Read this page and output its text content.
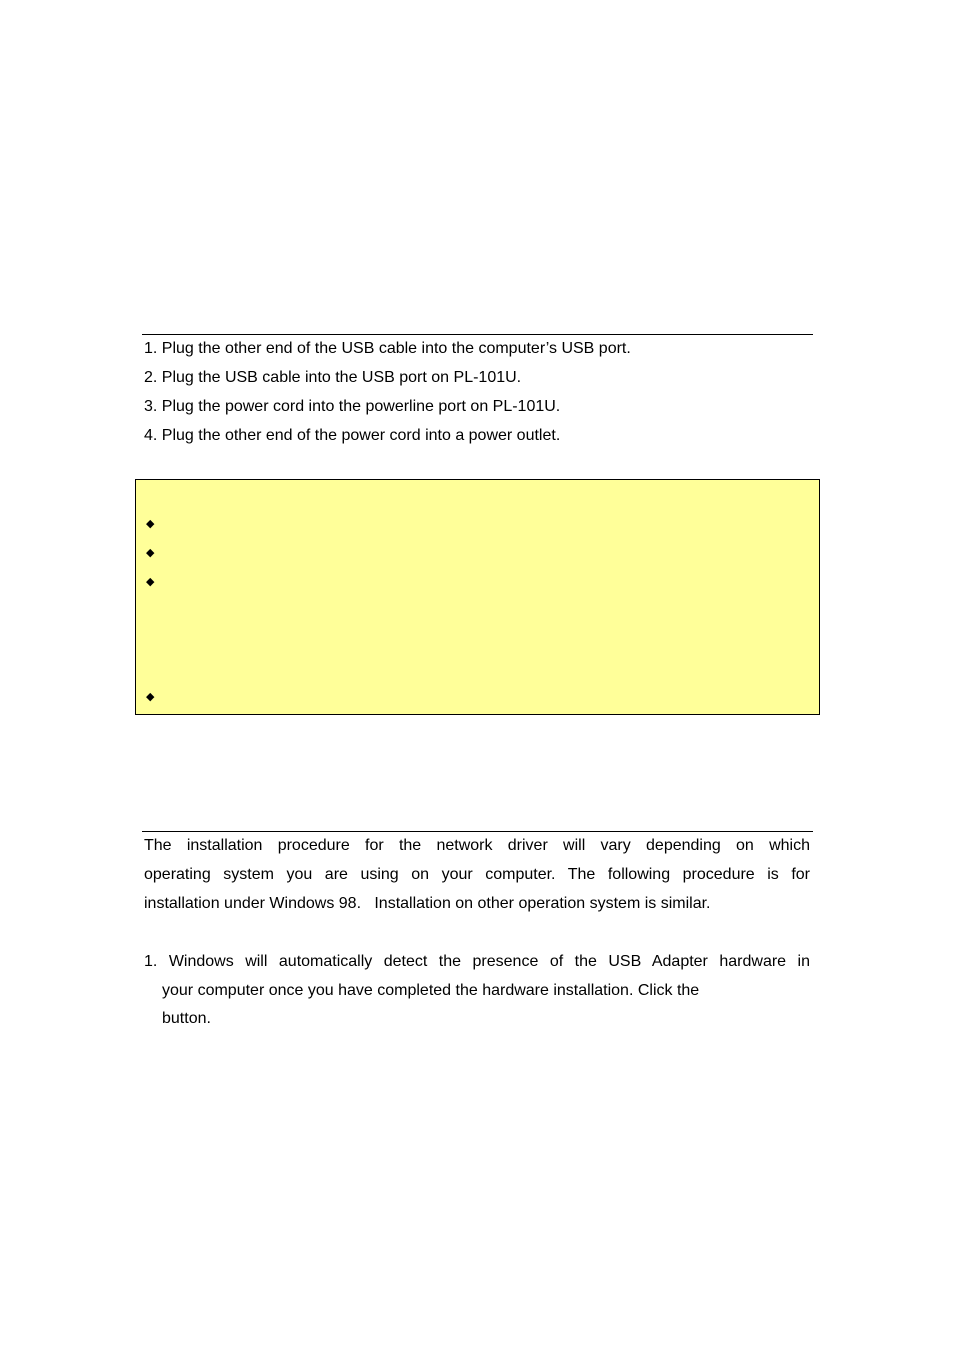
1. Plug the other end of the USB cable into the computer’s USB port.
2. Plug the USB cable into the USB port on PL-101U.
3. Plug the power cord into the powerline port on PL-101U.
4. Plug the other end of the power cord into a power outlet.
◆
◆
◆
◆
The installation procedure for the network driver will vary depending on which
operating system you are using on your computer. The following procedure is for
installation under Windows 98.   Installation on other operation system is similar.
1. Windows will automatically detect the presence of the USB Adapter hardware in
your computer once you have completed the hardware installation. Click the
button.
